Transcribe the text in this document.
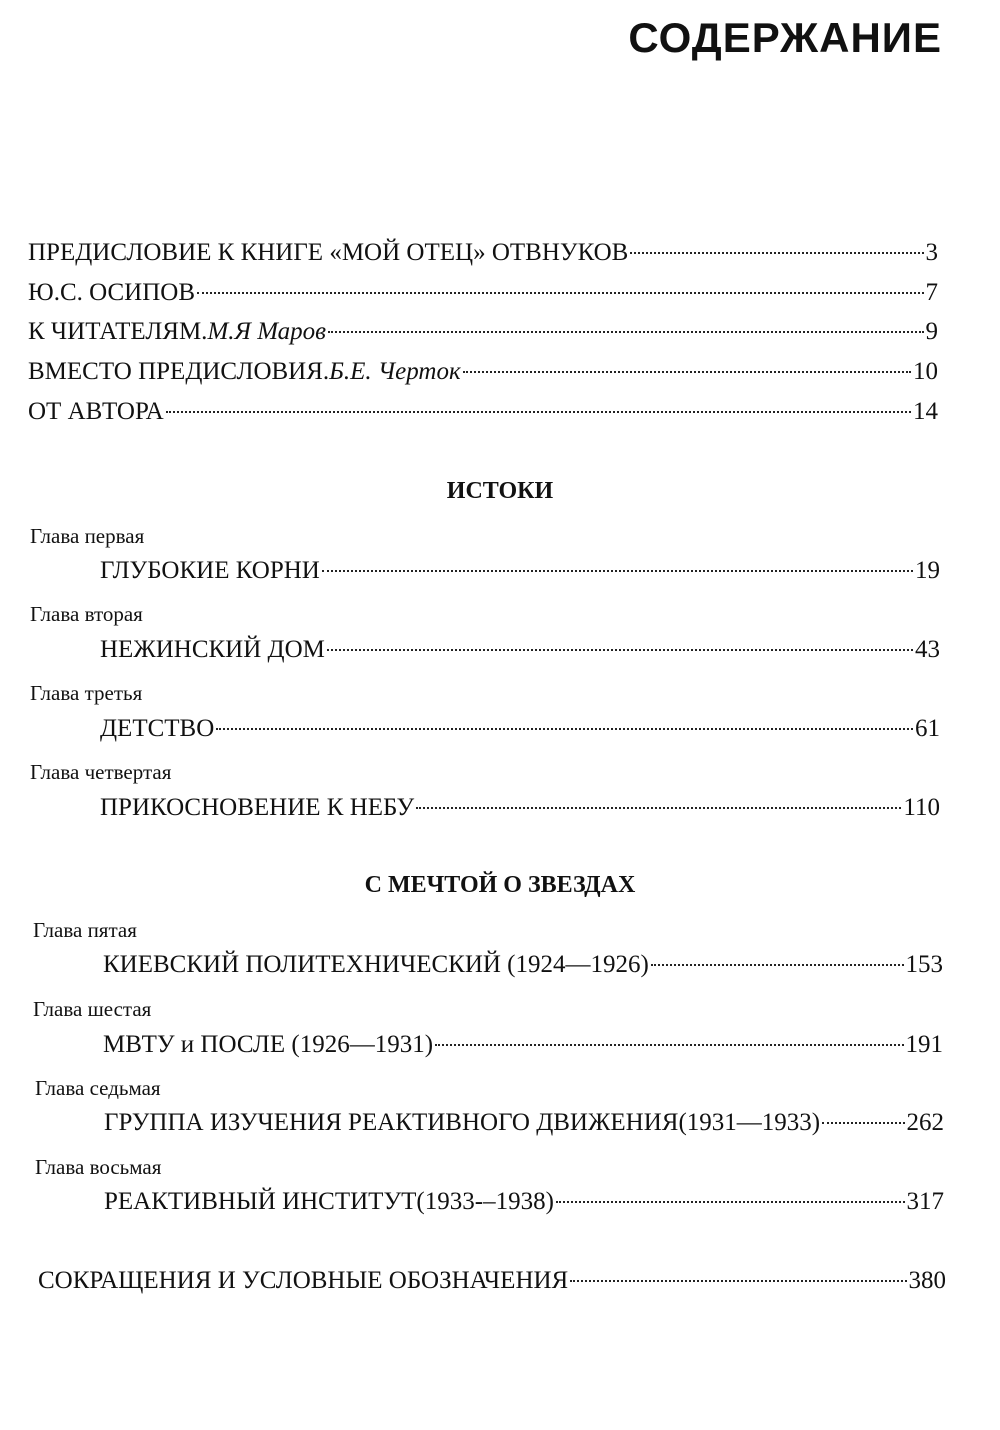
СОДЕРЖАНИЕ
ПРЕДИСЛОВИЕ К КНИГЕ «МОЙ ОТЕЦ» ОТВНУКОВ	3
Ю.С. ОСИПОВ	7
К ЧИТАТЕЛЯМ. М.Я Маров	9
ВМЕСТО ПРЕДИСЛОВИЯ. Б.Е. Черток	10
ОТ АВТОРА	14
ИСТОКИ
Глава первая
ГЛУБОКИЕ КОРНИ	19
Глава вторая
НЕЖИНСКИЙ ДОМ	43
Глава третья
ДЕТСТВО	61
Глава четвертая
ПРИКОСНОВЕНИЕ К НЕБУ	110
С МЕЧТОЙ О ЗВЕЗДАХ
Глава пятая
КИЕВСКИЙ ПОЛИТЕХНИЧЕСКИЙ (1924—1926)	153
Глава шестая
МВТУ и ПОСЛЕ (1926—1931)	191
Глава седьмая
ГРУППА ИЗУЧЕНИЯ РЕАКТИВНОГО ДВИЖЕНИЯ(1931—1933)	262
Глава восьмая
РЕАКТИВНЫЙ ИНСТИТУТ(1933-–1938)	317
СОКРАЩЕНИЯ И УСЛОВНЫЕ ОБОЗНАЧЕНИЯ	380
